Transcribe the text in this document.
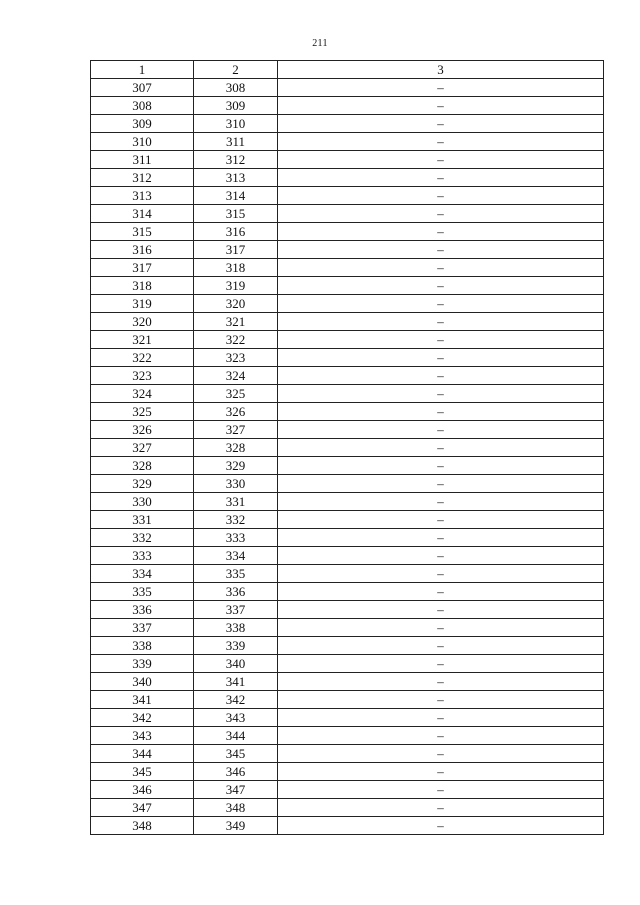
211
1	2	3
307	308	–
308	309	–
309	310	–
310	311	–
311	312	–
312	313	–
313	314	–
314	315	–
315	316	–
316	317	–
317	318	–
318	319	–
319	320	–
320	321	–
321	322	–
322	323	–
323	324	–
324	325	–
325	326	–
326	327	–
327	328	–
328	329	–
329	330	–
330	331	–
331	332	–
332	333	–
333	334	–
334	335	–
335	336	–
336	337	–
337	338	–
338	339	–
339	340	–
340	341	–
341	342	–
342	343	–
343	344	–
344	345	–
345	346	–
346	347	–
347	348	–
348	349	–
